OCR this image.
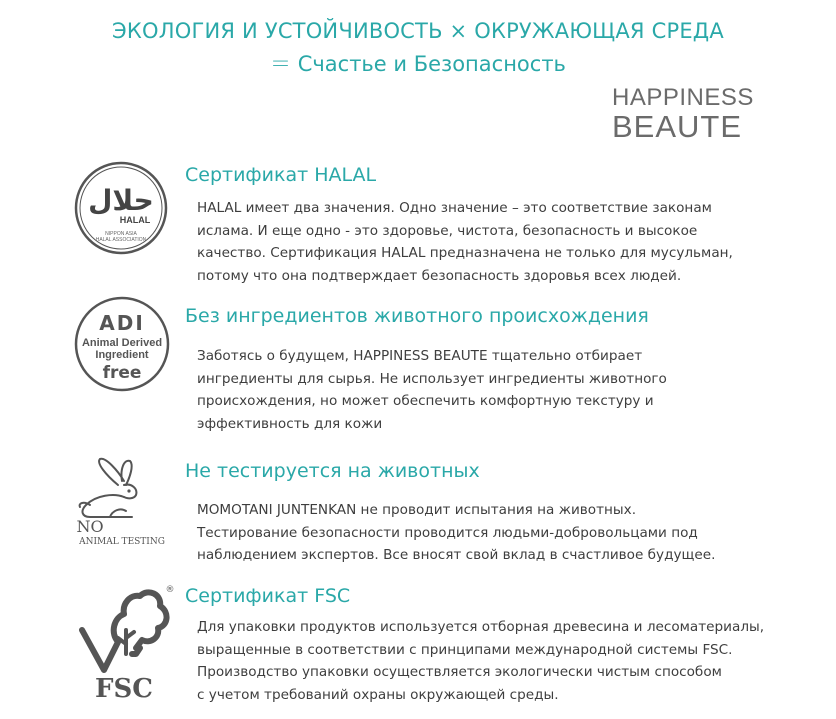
ЭКОЛОГИЯ И УСТОЙЧИВОСТЬ × ОКРУЖАЮЩАЯ СРЕДА
＝ Счастье и Безопасность
HAPPINESS
BEAUTE
حلال
HALAL
NIPPON ASIA
HALAL ASSOCIATION
Сертификат HALAL

HALAL имеет два значения. Одно значение – это соответствие законам

ислама. И еще одно - это здоровье, чистота, безопасность и высокое

качество. Сертификация HALAL предназначена не только для мусульман,

потому что она подтверждает безопасность здоровья всех людей.

ADI
Animal Derived
Ingredient
free
Без ингредиентов животного происхождения

Заботясь о будущем, HAPPINESS BEAUTE тщательно отбирает

ингредиенты для сырья. Не использует ингредиенты животного

происхождения, но может обеспечить комфортную текстуру и

эффективность для кожи

NO
ANIMAL TESTING
Не тестируется на животных

MOMOTANI JUNTENKAN не проводит испытания на животных.

Тестирование безопасности проводится людьми-добровольцами под

наблюдением экспертов. Все вносят свой вклад в счастливое будущее.

®
FSC
Сертификат FSC

Для упаковки продуктов используется отборная древесина и лесоматериалы,

выращенные в соответствии с принципами международной системы FSC.

Производство упаковки осуществляется экологически чистым способом

с учетом требований охраны окружающей среды.
